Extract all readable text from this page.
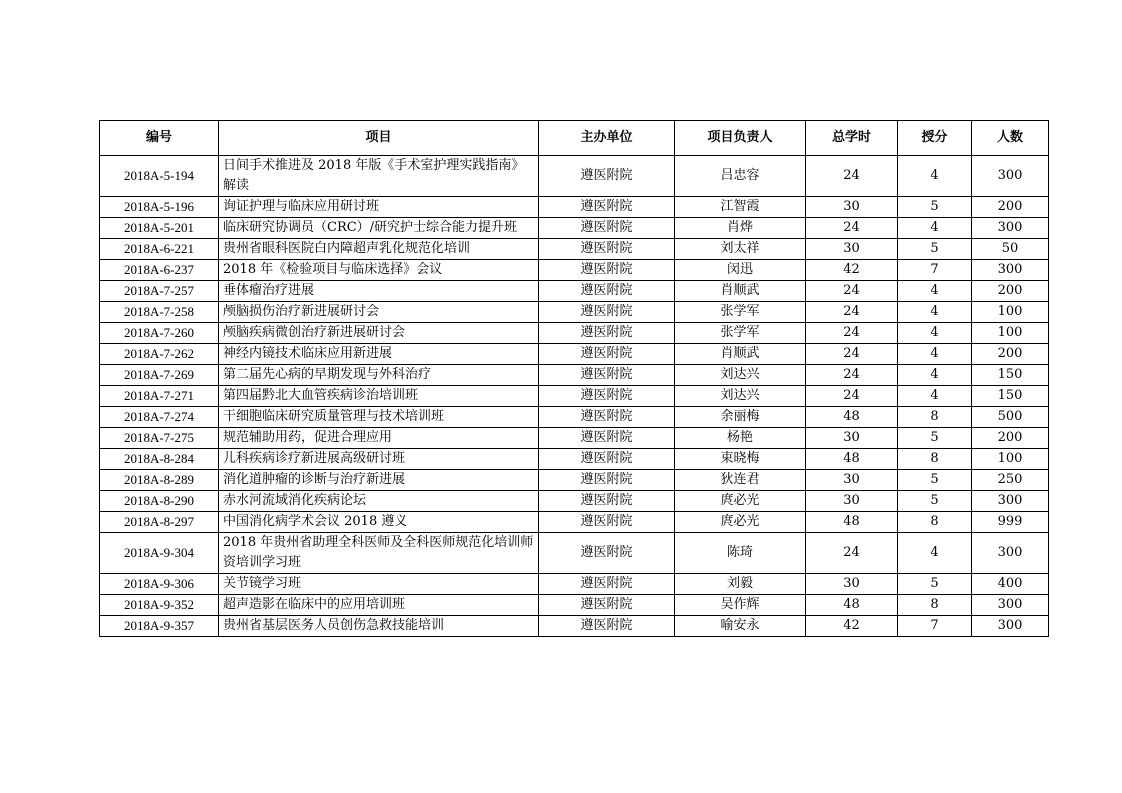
编号	项目	主办单位	项目负责人	总学时	授分	人数
2018A-5-194	日间手术推进及 2018 年版《手术室护理实践指南》解读	遵医附院	吕忠容	24	4	300
2018A-5-196	询证护理与临床应用研讨班	遵医附院	江智霞	30	5	200
2018A-5-201	临床研究协调员（CRC）/研究护士综合能力提升班	遵医附院	肖烨	24	4	300
2018A-6-221	贵州省眼科医院白内障超声乳化规范化培训	遵医附院	刘太祥	30	5	50
2018A-6-237	2018 年《检验项目与临床选择》会议	遵医附院	闵迅	42	7	300
2018A-7-257	垂体瘤治疗进展	遵医附院	肖顺武	24	4	200
2018A-7-258	颅脑损伤治疗新进展研讨会	遵医附院	张学军	24	4	100
2018A-7-260	颅脑疾病微创治疗新进展研讨会	遵医附院	张学军	24	4	100
2018A-7-262	神经内镜技术临床应用新进展	遵医附院	肖顺武	24	4	200
2018A-7-269	第二届先心病的早期发现与外科治疗	遵医附院	刘达兴	24	4	150
2018A-7-271	第四届黔北大血管疾病诊治培训班	遵医附院	刘达兴	24	4	150
2018A-7-274	干细胞临床研究质量管理与技术培训班	遵医附院	余丽梅	48	8	500
2018A-7-275	规范辅助用药，促进合理应用	遵医附院	杨艳	30	5	200
2018A-8-284	儿科疾病诊疗新进展高级研讨班	遵医附院	束晓梅	48	8	100
2018A-8-289	消化道肿瘤的诊断与治疗新进展	遵医附院	狄连君	30	5	250
2018A-8-290	赤水河流域消化疾病论坛	遵医附院	庹必光	30	5	300
2018A-8-297	中国消化病学术会议 2018 遵义	遵医附院	庹必光	48	8	999
2018A-9-304	2018 年贵州省助理全科医师及全科医师规范化培训师资培训学习班	遵医附院	陈琦	24	4	300
2018A-9-306	关节镜学习班	遵医附院	刘毅	30	5	400
2018A-9-352	超声造影在临床中的应用培训班	遵医附院	吴作辉	48	8	300
2018A-9-357	贵州省基层医务人员创伤急救技能培训	遵医附院	喻安永	42	7	300
